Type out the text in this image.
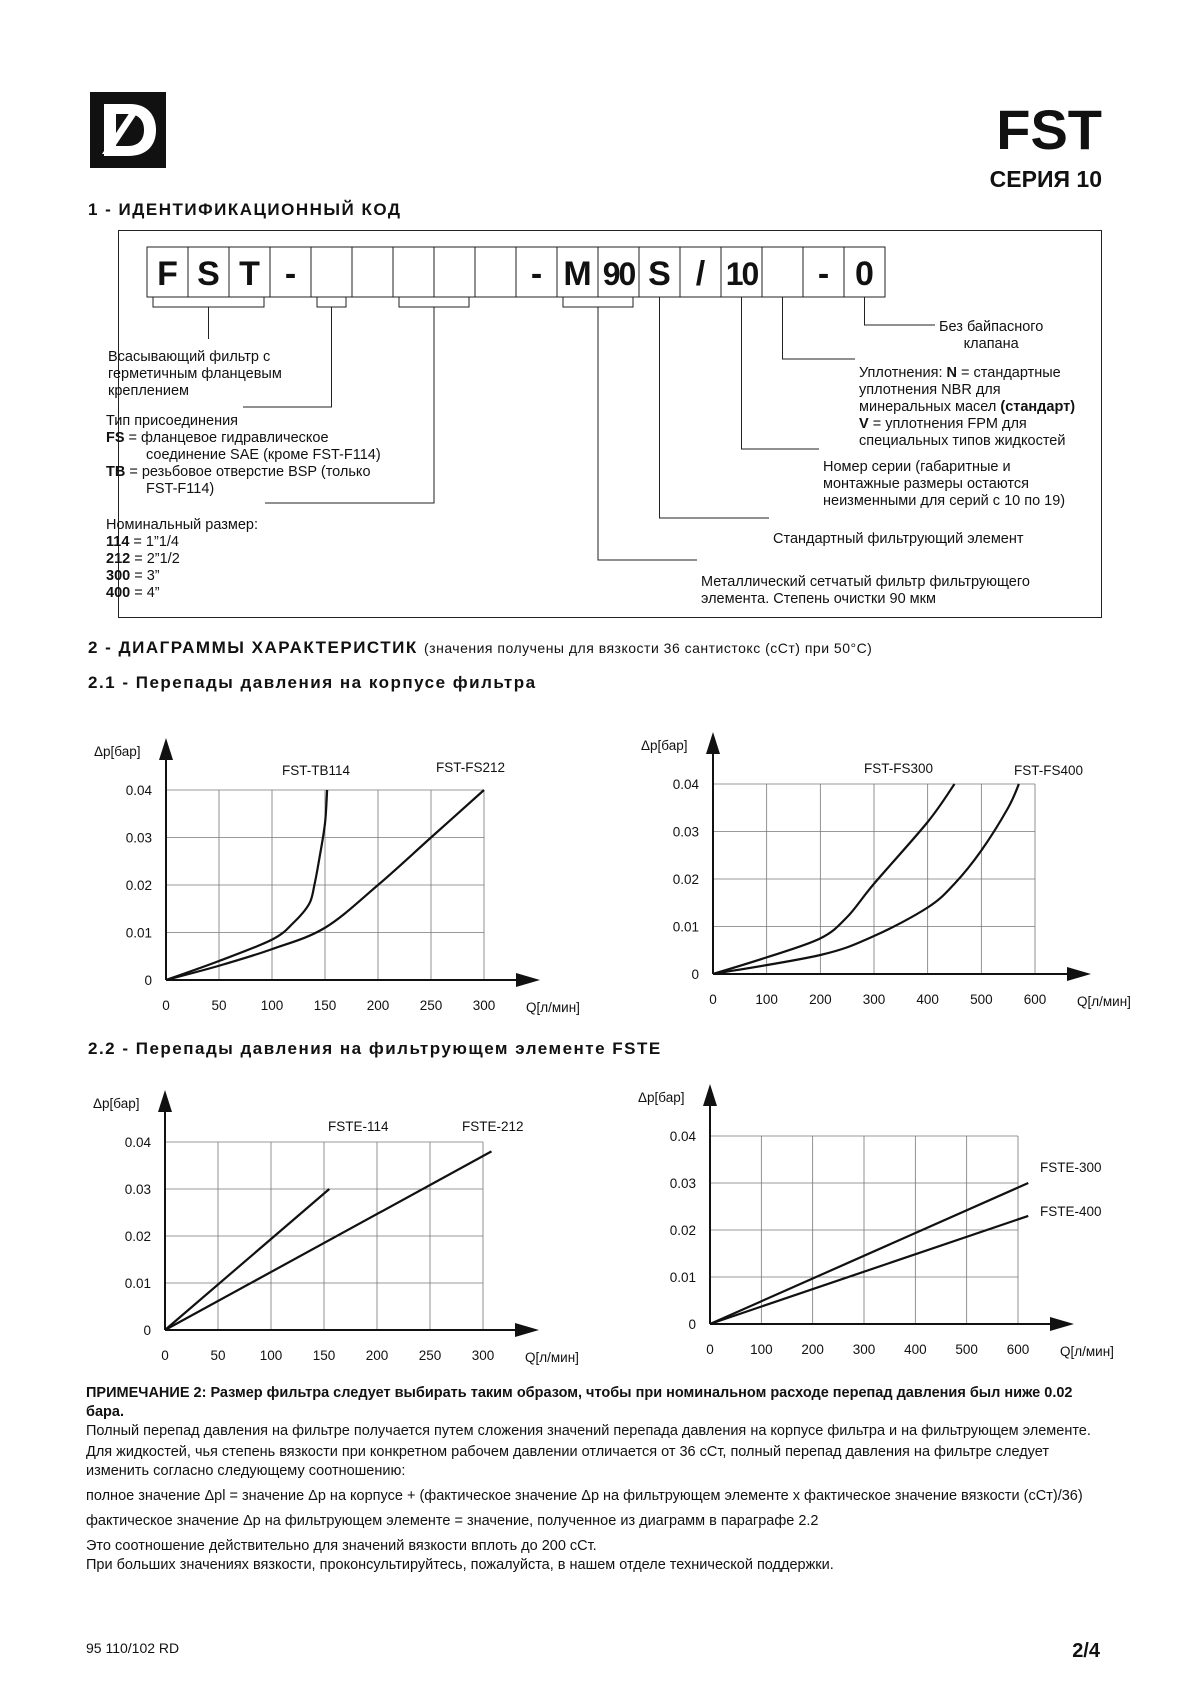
FST
СЕРИЯ 10
1 - ИДЕНТИФИКАЦИОННЫЙ КОД
F S T -	- M 90 S / 10 - 0
Всасывающий фильтр с
герметичным фланцевым
креплением
Тип присоединения
FS = фланцевое гидравлическое
соединение SAE (кроме FST-F114)
TB = резьбовое отверстие BSP (только
FST-F114)
Номинальный размер:
114 = 1”1/4
212 = 2”1/2
300 = 3”
400 = 4”
Без байпасного
клапана
Уплотнения: N = стандартные
уплотнения NBR для
минеральных масел (стандарт)
V = уплотнения FPM для
специальных типов жидкостей
Номер серии (габаритные и
монтажные размеры остаются
неизменными для серий с 10 по 19)
Стандартный фильтрующий элемент
Металлический сетчатый фильтр фильтрующего
элемента. Степень очистки 90 мкм
2 - ДИАГРАММЫ ХАРАКТЕРИСТИК (значения получены для вязкости 36 сантистокс (сСт) при 50°С)
2.1 - Перепады давления на корпусе фильтра
0	50	100 150 200 250 300
0
0.01
0.02
0.03
0.04
Δp[бар]
Q[л/мин]
FST-TB114	FST-FS212
0	100 200 300 400 500 600
0
0.01
0.02
0.03
0.04
Δp[бар]
Q[л/мин]
FST-FS300	FST-FS400
2.2 - Перепады давления на фильтрующем элементе FSTE
0	50	100 150 200 250 300
0
0.01
0.02
0.03
0.04
Δp[бар]
Q[л/мин]
FSTE-114	FSTE-212
0	100 200 300 400 500 600
0
0.01
0.02
0.03
0.04
Δp[бар]
Q[л/мин]
FSTE-300
FSTE-400
ПРИМЕЧАНИЕ 2: Размер фильтра следует выбирать таким образом, чтобы при номинальном расходе перепад давления был ниже 0.02 бара.
Полный перепад давления на фильтре получается путем сложения значений перепада давления на корпусе фильтра и на фильтрующем элементе.
Для жидкостей, чья степень вязкости при конкретном рабочем давлении отличается от 36 сСт, полный перепад давления на фильтре следует изменить согласно следующему соотношению:
полное значение Δpl = значение Δp на корпусе + (фактическое значение Δp на фильтрующем элементе х фактическое значение вязкости (сСт)/36)
фактическое значение Δp на фильтрующем элементе = значение, полученное из диаграмм в параграфе 2.2
Это соотношение действительно для значений вязкости вплоть до 200 сСт.
При больших значениях вязкости, проконсультируйтесь, пожалуйста, в нашем отделе технической поддержки.
95 110/102 RD	2/4
